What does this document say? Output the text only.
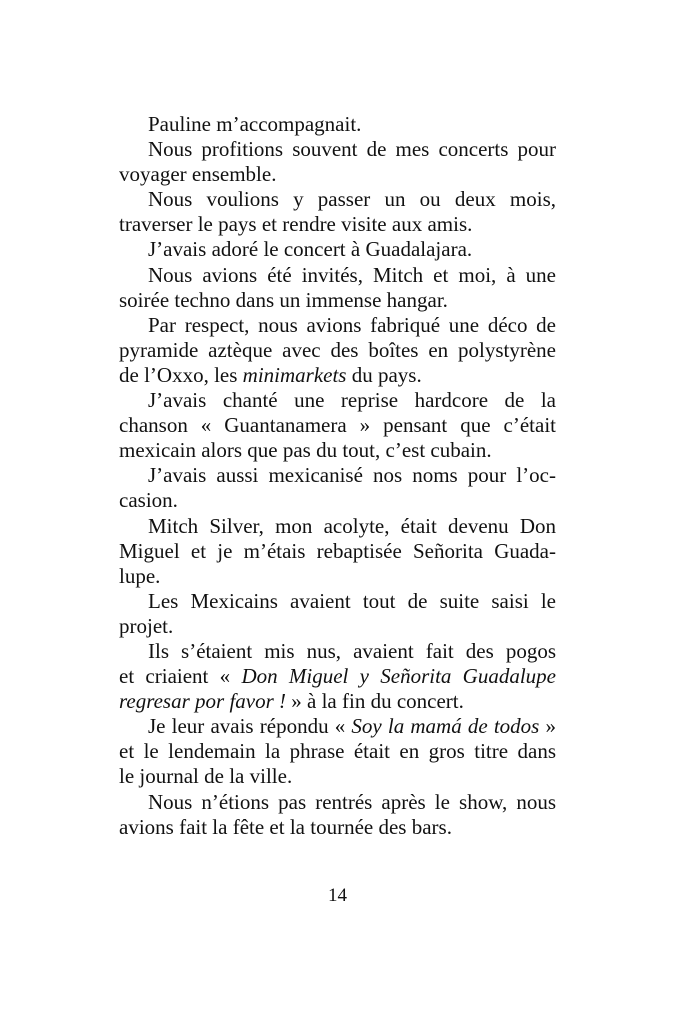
Pauline m’accompagnait.
Nous profitions souvent de mes concerts pour
voyager ensemble.
Nous voulions y passer un ou deux mois,
traverser le pays et rendre visite aux amis.
J’avais adoré le concert à Guadalajara.
Nous avions été invités, Mitch et moi, à une
soirée techno dans un immense hangar.
Par respect, nous avions fabriqué une déco de
pyramide aztèque avec des boîtes en polystyrène
de l’Oxxo, les minimarkets du pays.
J’avais chanté une reprise hardcore de la
chanson « Guantanamera » pensant que c’était
mexicain alors que pas du tout, c’est cubain.
J’avais aussi mexicanisé nos noms pour l’oc-
casion.
Mitch Silver, mon acolyte, était devenu Don
Miguel et je m’étais rebaptisée Señorita Guada-
lupe.
Les Mexicains avaient tout de suite saisi le
projet.
Ils s’étaient mis nus, avaient fait des pogos
et criaient « Don Miguel y Señorita Guadalupe
regresar por favor ! » à la fin du concert.
Je leur avais répondu « Soy la mamá de todos »
et le lendemain la phrase était en gros titre dans
le journal de la ville.
Nous n’étions pas rentrés après le show, nous
avions fait la fête et la tournée des bars.
14
